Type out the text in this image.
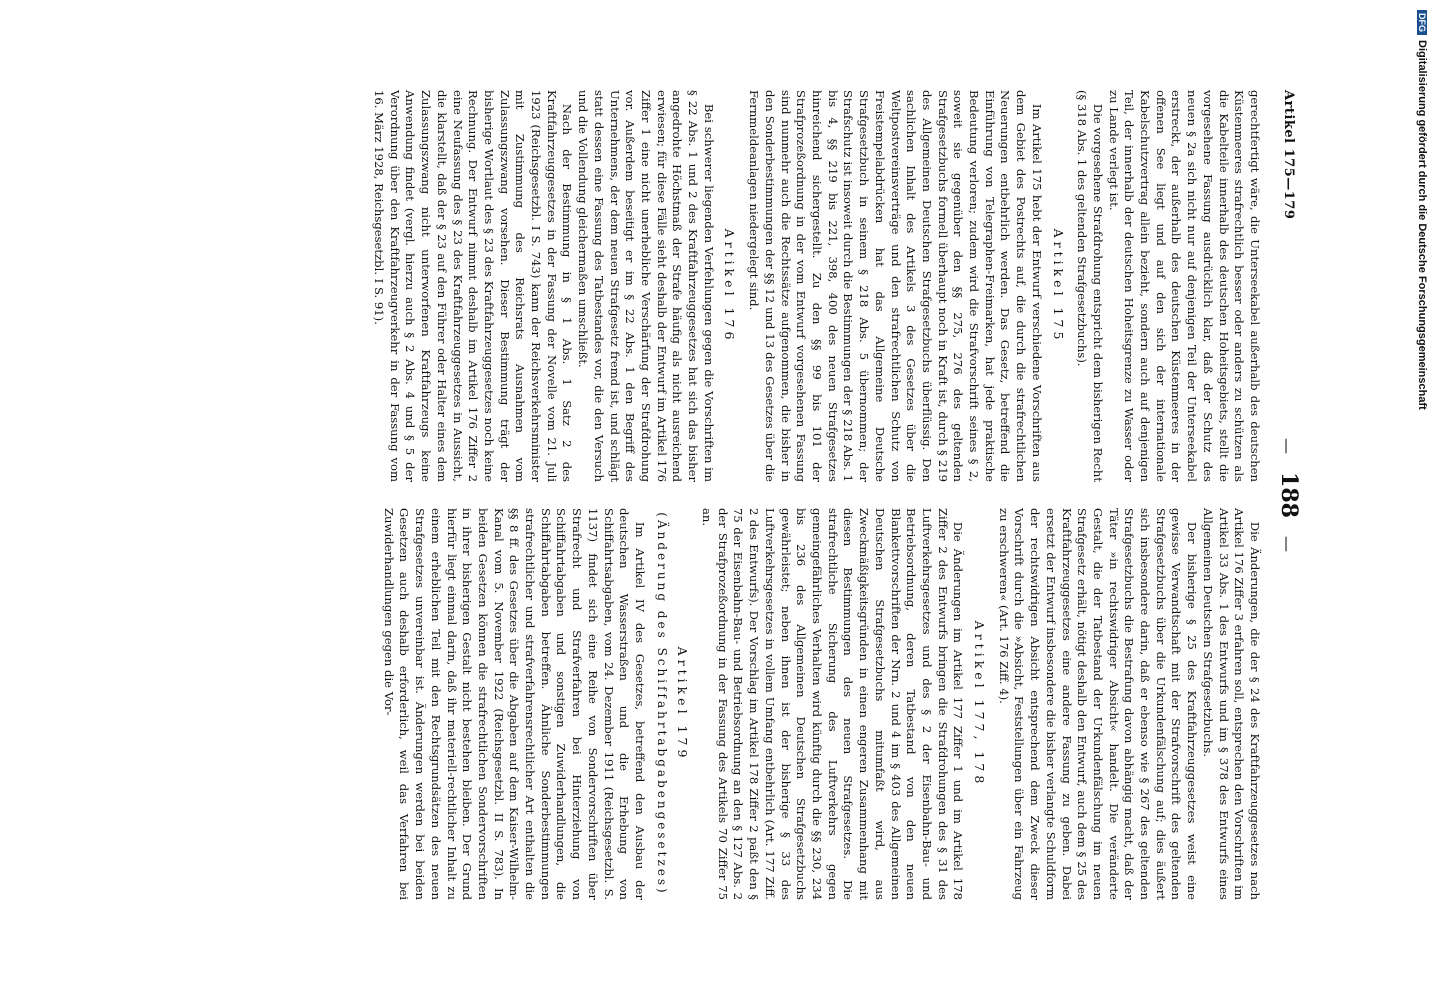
Artikel 175—179
—188—

gerechtfertigt wäre, die Unterseekabel außerhalb des deutschen Küstenmeeres strafrechtlich besser oder anders zu schützen als die Kabelteile innerhalb des deutschen Hoheitsgebiets, stellt die vorgesehene Fassung ausdrücklich klar, daß der Schutz des neuen § 2a sich nicht nur auf denjenigen Teil der Unterseekabel erstreckt, der außerhalb des deutschen Küstenmeeres in der offenen See liegt und auf den sich der internationale Kabelschutzvertrag allein bezieht, sondern auch auf denjenigen Teil, der innerhalb der deutschen Hoheitsgrenze zu Wasser oder zu Lande verlegt ist.

Die vorgesehene Strafdrohung entspricht dem bisherigen Recht (§ 318 Abs. 1 des geltenden Strafgesetzbuchs).

Artikel 175

Im Artikel 175 hebt der Entwurf verschiedene Vorschriften aus dem Gebiet des Postrechts auf, die durch die strafrechtlichen Neuerungen entbehrlich werden. Das Gesetz, betreffend die Einführung von Telegraphen-Freimarken, hat jede praktische Bedeutung verloren; zudem wird die Strafvorschrift seines § 2, soweit sie gegenüber den §§ 275, 276 des geltenden Strafgesetzbuchs formell überhaupt noch in Kraft ist, durch § 219 des Allgemeinen Deutschen Strafgesetzbuchs überflüssig. Den sachlichen Inhalt des Artikels 3 des Gesetzes über die Weltpostvereinsverträge und den strafrechtlichen Schutz von Freistempelabdrücken hat das Allgemeine Deutsche Strafgesetzbuch in seinem § 218 Abs. 5 übernommen; der Strafschutz ist insoweit durch die Bestimmungen der § 218 Abs. 1 bis 4, §§ 219 bis 221, 398, 400 des neuen Strafgesetzes hinreichend sichergestellt. Zu den §§ 99 bis 101 der Strafprozeßordnung in der vom Entwurf vorgesehenen Fassung sind nunmehr auch die Rechtssätze aufgenommen, die bisher in den Sonderbestimmungen der §§ 12 und 13 des Gesetzes über die Fernmeldeanlagen niedergelegt sind.

Artikel 176

Bei schwerer liegenden Verfehlungen gegen die Vorschriften im § 22 Abs. 1 und 2 des Kraftfahrzeuggesetzes hat sich das bisher angedrohte Höchstmaß der Strafe häufig als nicht ausreichend erwiesen; für diese Fälle sieht deshalb der Entwurf im Artikel 176 Ziffer 1 eine nicht unerhebliche Verschärfung der Strafdrohung vor. Außerdem beseitigt er im § 22 Abs. 1 den Begriff des Unternehmens, der dem neuen Strafgesetz fremd ist, und schlägt statt dessen eine Fassung des Tatbestandes vor, die den Versuch und die Vollendung gleichermaßen umschließt.

Nach der Bestimmung in § 1 Abs. 1 Satz 2 des Kraftfahrzeuggesetzes in der Fassung der Novelle vom 21. Juli 1923 (Reichsgesetzbl. I S. 743) kann der Reichsverkehrsminister mit Zustimmung des Reichsrats Ausnahmen vom Zulassungszwang vorsehen. Dieser Bestimmung trägt der bisherige Wortlaut des § 23 des Kraftfahrzeuggesetzes noch keine Rechnung. Der Entwurf nimmt deshalb im Artikel 176 Ziffer 2 eine Neufassung des § 23 des Kraftfahrzeuggesetzes in Aussicht, die klarstellt, daß der § 23 auf den Führer oder Halter eines dem Zulassungszwang nicht unterworfenen Kraftfahrzeugs keine Anwendung findet (vergl. hierzu auch § 2 Abs. 4 und § 5 der Verordnung über den Kraftfahrzeugverkehr in der Fassung vom 16. März 1928, Reichsgesetzbl. I S. 91).

Die Änderungen, die der § 24 des Kraftfahrzeuggesetzes nach Artikel 176 Ziffer 3 erfahren soll, entsprechen den Vorschriften im Artikel 33 Abs. 1 des Entwurfs und im § 378 des Entwurfs eines Allgemeinen Deutschen Strafgesetzbuchs.

Der bisherige § 25 des Kraftfahrzeuggesetzes weist eine gewisse Verwandtschaft mit der Strafvorschrift des geltenden Strafgesetzbuchs über die Urkundenfälschung auf; dies äußert sich insbesondere darin, daß er ebenso wie § 267 des geltenden Strafgesetzbuchs die Bestrafung davon abhängig macht, daß der Täter »in rechtswidriger Absicht« handelt. Die veränderte Gestalt, die der Tatbestand der Urkundenfälschung im neuen Strafgesetz erhält, nötigt deshalb den Entwurf, auch dem § 25 des Kraftfahrzeuggesetzes eine andere Fassung zu geben. Dabei ersetzt der Entwurf insbesondere die bisher verlangte Schuldform der rechtswidrigen Absicht entsprechend dem Zweck dieser Vorschrift durch die »Absicht, Feststellungen über ein Fahrzeug zu erschweren« (Art. 176 Ziff. 4).

Artikel 177, 178

Die Änderungen im Artikel 177 Ziffer 1 und im Artikel 178 Ziffer 2 des Entwurfs bringen die Strafdrohungen des § 31 des Luftverkehrsgesetzes und des § 2 der Eisenbahn-Bau- und Betriebsordnung, deren Tatbestand von den neuen Blankettvorschriften der Nrn. 2 und 4 im § 403 des Allgemeinen Deutschen Strafgesetzbuchs mitumfaßt wird, aus Zweckmäßigkeitsgründen in einen engeren Zusammenhang mit diesen Bestimmungen des neuen Strafgesetzes. Die strafrechtliche Sicherung des Luftverkehrs gegen gemeingefährliches Verhalten wird künftig durch die §§ 230, 234 bis 236 des Allgemeinen Deutschen Strafgesetzbuchs gewährleistet; neben ihnen ist der bisherige § 33 des Luftverkehrsgesetzes in vollem Umfang entbehrlich (Art. 177 Ziff. 2 des Entwurfs). Der Vorschlag im Artikel 178 Ziffer 2 paßt den § 75 der Eisenbahn-Bau- und Betriebsordnung an den § 127 Abs. 2 der Strafprozeßordnung in der Fassung des Artikels 70 Ziffer 75 an.

Artikel 179
(Änderung des Schiffahrtabgabengesetzes)

Im Artikel IV des Gesetzes, betreffend den Ausbau der deutschen Wasserstraßen und die Erhebung von Schiffahrtsabgaben, vom 24. Dezember 1911 (Reichsgesetzbl. S. 1137) findet sich eine Reihe von Sondervorschriften über Strafrecht und Strafverfahren bei Hinterziehung von Schiffahrtabgaben und sonstigen Zuwiderhandlungen, die Schiffahrtabgaben betreffen. Ähnliche Sonderbestimmungen strafrechtlicher und strafverfahrensrechtlicher Art enthalten die §§ 8 ff. des Gesetzes über die Abgaben auf dem Kaiser-Wilhelm-Kanal vom 5. November 1922 (Reichsgesetzbl. II S. 783). In beiden Gesetzen können die strafrechtlichen Sondervorschriften in ihrer bisherigen Gestalt nicht bestehen bleiben. Der Grund hierfür liegt einmal darin, daß ihr materiell-rechtlicher Inhalt zu einem erheblichen Teil mit den Rechtsgrundsätzen des neuen Strafgesetzes unvereinbar ist. Änderungen werden bei beiden Gesetzen auch deshalb erforderlich, weil das Verfahren bei Zuwiderhandlungen gegen die Vor-

DFGDigitalisierung gefördert durch die Deutsche Forschungsgemeinschaft
